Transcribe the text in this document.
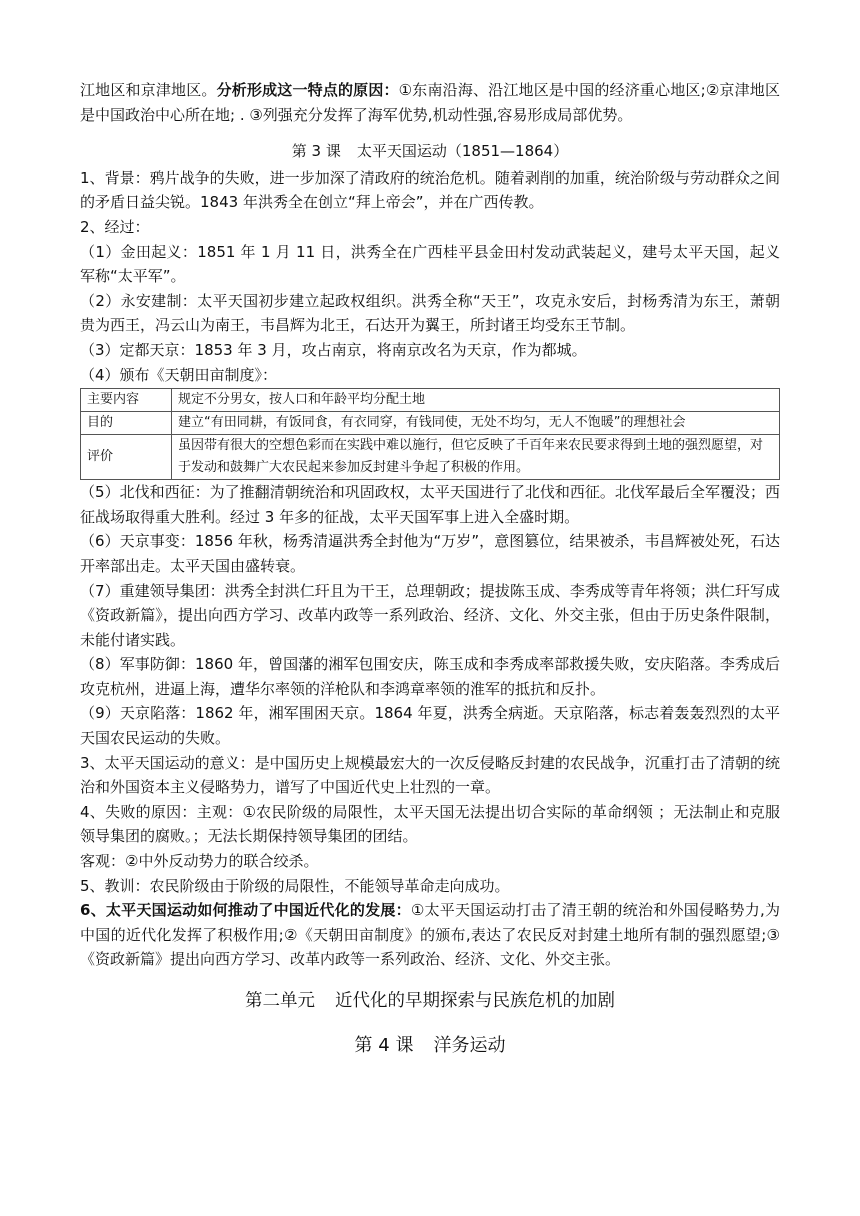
江地区和京津地区。分析形成这一特点的原因：①东南沿海、沿江地区是中国的经济重心地区;②京津地区是中国政治中心所在地; . ③列强充分发挥了海军优势,机动性强,容易形成局部优势。

第 3 课 太平天国运动（1851—1864）

1、背景：鸦片战争的失败，进一步加深了清政府的统治危机。随着剥削的加重，统治阶级与劳动群众之间的矛盾日益尖锐。1843 年洪秀全在创立“拜上帝会”，并在广西传教。

2、经过：

（1）金田起义：1851 年 1 月 11 日，洪秀全在广西桂平县金田村发动武装起义，建号太平天国，起义军称“太平军”。

（2）永安建制：太平天国初步建立起政权组织。洪秀全称“天王”，攻克永安后，封杨秀清为东王，萧朝贵为西王，冯云山为南王，韦昌辉为北王，石达开为翼王，所封诸王均受东王节制。

（3）定都天京：1853 年 3 月，攻占南京，将南京改名为天京，作为都城。

（4）颁布《天朝田亩制度》：

主要内容	规定不分男女，按人口和年龄平均分配土地
目的	建立“有田同耕，有饭同食，有衣同穿，有钱同使，无处不均匀，无人不饱暖”的理想社会
评价	虽因带有很大的空想色彩而在实践中难以施行，但它反映了千百年来农民要求得到土地的强烈愿望，对于发动和鼓舞广大农民起来参加反封建斗争起了积极的作用。

（5）北伐和西征：为了推翻清朝统治和巩固政权，太平天国进行了北伐和西征。北伐军最后全军覆没；西征战场取得重大胜利。经过 3 年多的征战，太平天国军事上进入全盛时期。

（6）天京事变：1856 年秋，杨秀清逼洪秀全封他为“万岁”，意图篡位，结果被杀，韦昌辉被处死，石达开率部出走。太平天国由盛转衰。

（7）重建领导集团：洪秀全封洪仁玕且为干王，总理朝政；提拔陈玉成、李秀成等青年将领；洪仁玕写成《资政新篇》，提出向西方学习、改革内政等一系列政治、经济、文化、外交主张，但由于历史条件限制，未能付诸实践。

（8）军事防御：1860 年，曾国藩的湘军包围安庆，陈玉成和李秀成率部救援失败，安庆陷落。李秀成后攻克杭州，进逼上海，遭华尔率领的洋枪队和李鸿章率领的淮军的抵抗和反扑。

（9）天京陷落：1862 年，湘军围困天京。1864 年夏，洪秀全病逝。天京陷落，标志着轰轰烈烈的太平天国农民运动的失败。

3、太平天国运动的意义：是中国历史上规模最宏大的一次反侵略反封建的农民战争，沉重打击了清朝的统治和外国资本主义侵略势力，谱写了中国近代史上壮烈的一章。

4、失败的原因：主观：①农民阶级的局限性，太平天国无法提出切合实际的革命纲领 ；无法制止和克服领导集团的腐败。；无法长期保持领导集团的团结。

客观：②中外反动势力的联合绞杀。

5、教训：农民阶级由于阶级的局限性，不能领导革命走向成功。

6、太平天国运动如何推动了中国近代化的发展：①太平天国运动打击了清王朝的统治和外国侵略势力,为中国的近代化发挥了积极作用;②《天朝田亩制度》的颁布,表达了农民反对封建土地所有制的强烈愿望;③《资政新篇》提出向西方学习、改革内政等一系列政治、经济、文化、外交主张。

第二单元 近代化的早期探索与民族危机的加剧

第 4 课 洋务运动
